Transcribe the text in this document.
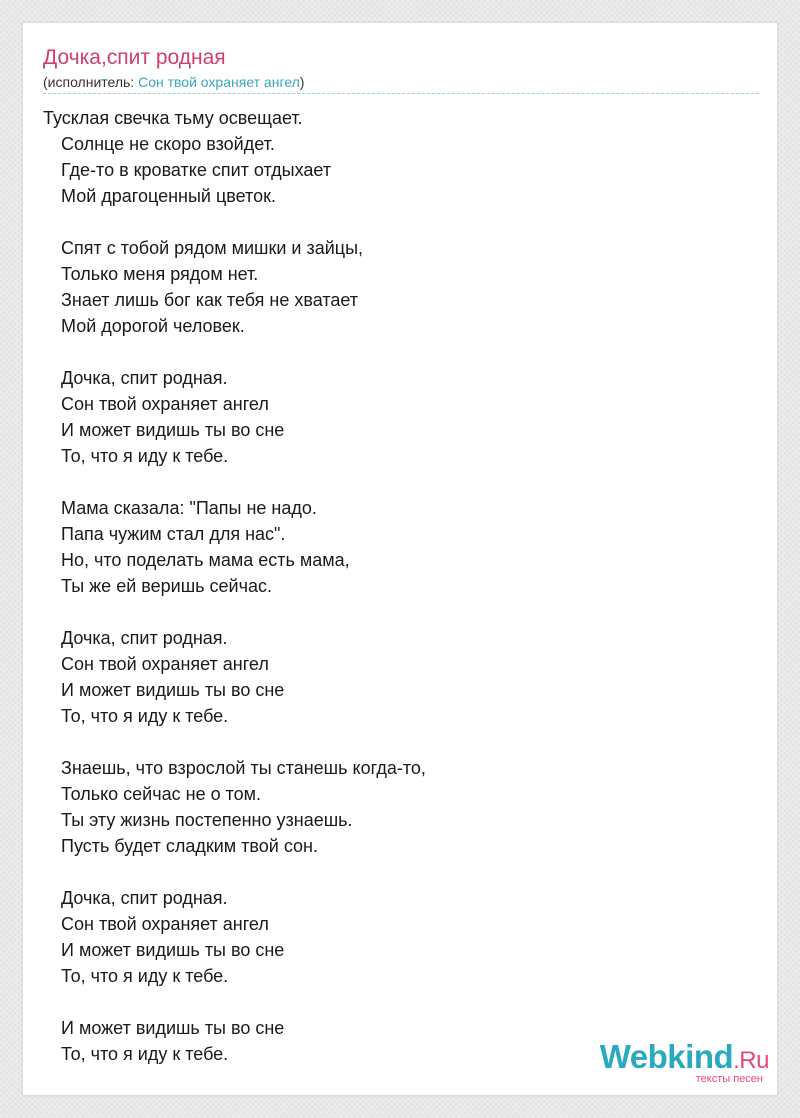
Дочка,спит родная
(исполнитель: Сон твой охраняет ангел)
Тусклая свечка тьму освещает.
Солнце не скоро взойдет.
Где-то в кроватке спит отдыхает
Мой драгоценный цветок.
Спят с тобой рядом мишки и зайцы,
Только меня рядом нет.
Знает лишь бог как тебя не хватает
Мой дорогой человек.
Дочка, спит родная.
Сон твой охраняет ангел
И может видишь ты во сне
То, что я иду к тебе.
Мама сказала: "Папы не надо.
Папа чужим стал для нас".
Но, что поделать мама есть мама,
Ты же ей веришь сейчас.
Дочка, спит родная.
Сон твой охраняет ангел
И может видишь ты во сне
То, что я иду к тебе.
Знаешь, что взрослой ты станешь когда-то,
Только сейчас не о том.
Ты эту жизнь постепенно узнаешь.
Пусть будет сладким твой сон.
Дочка, спит родная.
Сон твой охраняет ангел
И может видишь ты во сне
То, что я иду к тебе.
И может видишь ты во сне
То, что я иду к тебе.	Webkind.Ru
тексты песен
